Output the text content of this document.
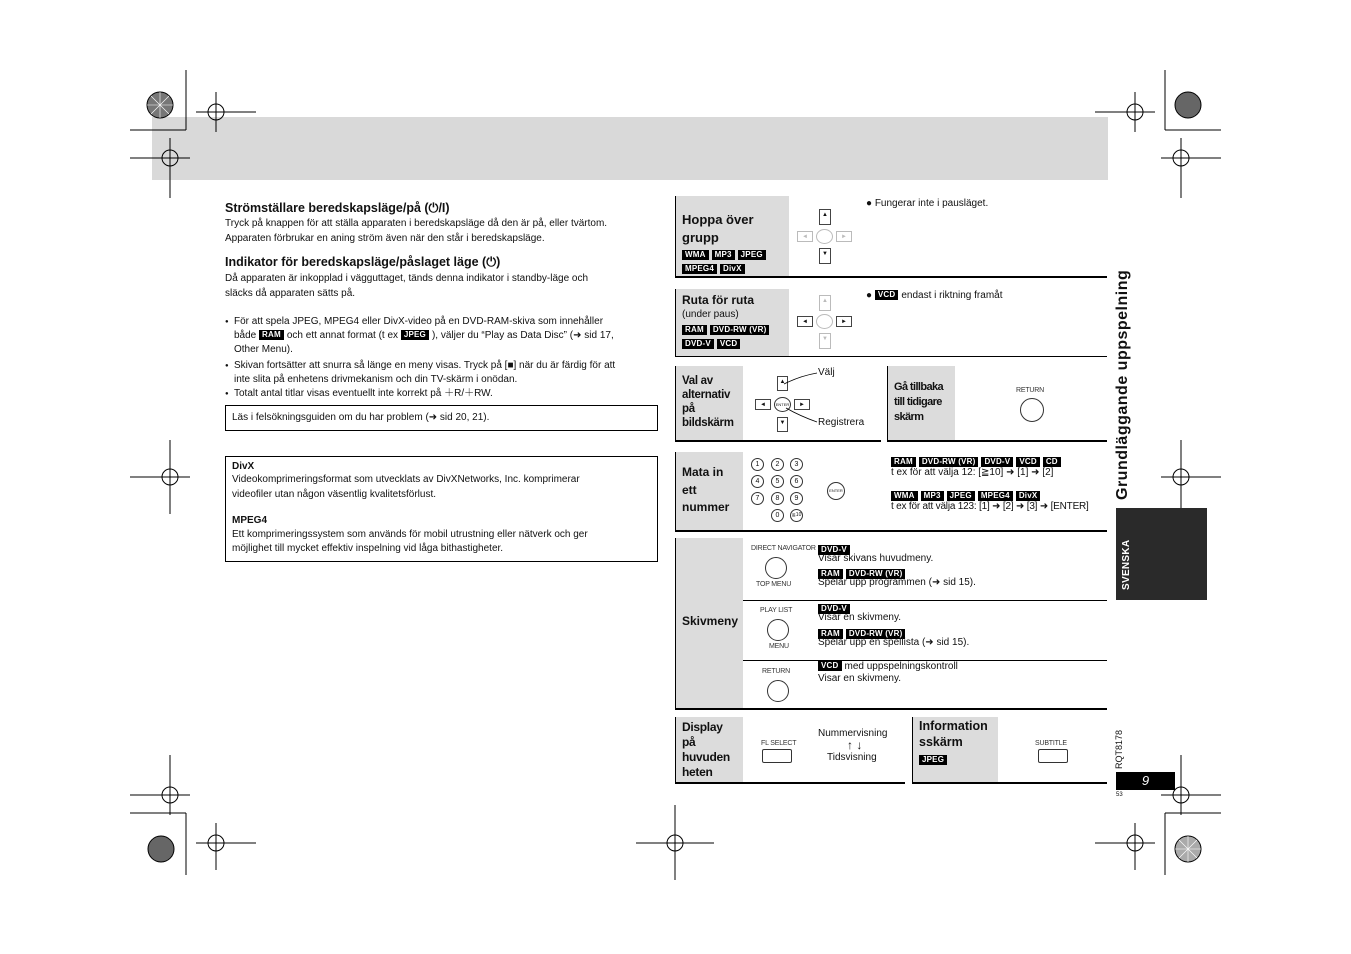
Strömställare beredskapsläge/på (⏻/I)
Tryck på knappen för att ställa apparaten i beredskapsläge då den är på, eller tvärtom.
Apparaten förbrukar en aning ström även när den står i beredskapsläge.
Indikator för beredskapsläge/påslaget läge (⏻)
Då apparaten är inkopplad i vägguttaget, tänds denna indikator i standby-läge och
släcks då apparaten sätts på.
● För att spela JPEG, MPEG4 eller DivX-video på en DVD-RAM-skiva som innehåller
både RAM och ett annat format (t ex JPEG ), väljer du “Play as Data Disc” (➜ sid 17,
Other Menu).
● Skivan fortsätter att snurra så länge en meny visas. Tryck på [■] när du är färdig för att
inte slita på enhetens drivmekanism och din TV-skärm i onödan.
● Totalt antal titlar visas eventuellt inte korrekt på ＋R/＋RW.
Läs i felsökningsguiden om du har problem (➜ sid 20, 21).
DivX
Videokomprimeringsformat som utvecklats av DivXNetworks, Inc. komprimerar
videofiler utan någon väsentlig kvalitetsförlust.
MPEG4
Ett komprimeringssystem som används för mobil utrustning eller nätverk och ger
möjlighet till mycket effektiv inspelning vid låga bithastigheter.
Hoppa över
grupp
WMA MP3 JPEG
MPEG4 DivX
▲
◄	►
▼
● Fungerar inte i pausläget.
Ruta för ruta
(under paus)
RAM DVD-RW (VR)
DVD-V VCD
▲
◄	►
▼
● VCD endast i riktning framåt
Val av
alternativ
på
bildskärm
▲
◄	ENTER	►
▼
Välj
Registrera
Gå tillbaka
till tidigare
skärm
RETURN
Mata in
ett
nummer
1	2	3
4	5	6
7	8	9
0	≧10
ENTER
RAM DVD-RW (VR) DVD-V VCD CD
t ex för att välja 12: [≧10] ➜ [1] ➜ [2]
WMA MP3 JPEG MPEG4 DivX
t ex för att välja 123: [1] ➜ [2] ➜ [3] ➜ [ENTER]
Skivmeny
DIRECT NAVIGATOR
TOP MENU
DVD-V
Visar skivans huvudmeny.
RAM DVD-RW (VR)
Spelar upp programmen (➜ sid 15).
PLAY LIST
MENU
DVD-V
Visar en skivmeny.
RAM DVD-RW (VR)
Spelar upp en spellista (➜ sid 15).
RETURN
VCD med uppspelningskontroll
Visar en skivmeny.
Display
på
huvuden
heten
FL SELECT
Nummervisning
↑ ↓
Tidsvisning
Information
sskärm
JPEG
SUBTITLE
Grundläggande uppspelning
SVENSKA
RQT8178
9
53
